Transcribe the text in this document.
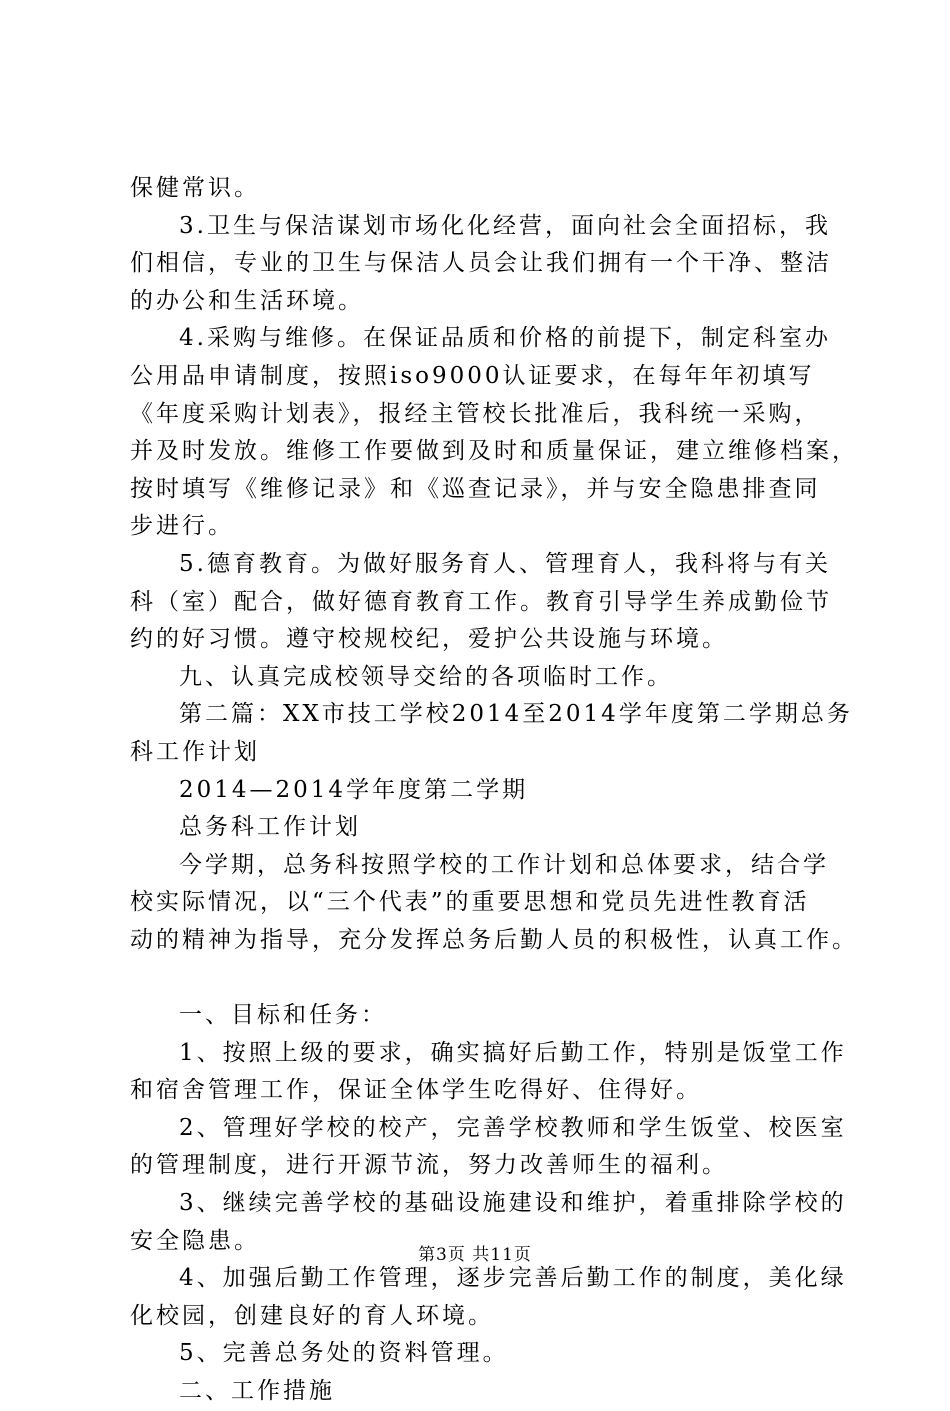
保健常识。
3.卫生与保洁谋划市场化化经营，面向社会全面招标，我
们相信，专业的卫生与保洁人员会让我们拥有一个干净、整洁
的办公和生活环境。
4.采购与维修。在保证品质和价格的前提下，制定科室办
公用品申请制度，按照iso9000认证要求，在每年年初填写
《年度采购计划表》，报经主管校长批准后，我科统一采购，
并及时发放。维修工作要做到及时和质量保证，建立维修档案，
按时填写《维修记录》和《巡查记录》，并与安全隐患排查同
步进行。
5.德育教育。为做好服务育人、管理育人，我科将与有关
科（室）配合，做好德育教育工作。教育引导学生养成勤俭节
约的好习惯。遵守校规校纪，爱护公共设施与环境。
九、认真完成校领导交给的各项临时工作。
第二篇：XX市技工学校2014至2014学年度第二学期总务
科工作计划
2014—2014学年度第二学期
总务科工作计划
今学期，总务科按照学校的工作计划和总体要求，结合学
校实际情况，以“三个代表”的重要思想和党员先进性教育活
动的精神为指导，充分发挥总务后勤人员的积极性，认真工作。
一、目标和任务：
1、按照上级的要求，确实搞好后勤工作，特别是饭堂工作
和宿舍管理工作，保证全体学生吃得好、住得好。
2、管理好学校的校产，完善学校教师和学生饭堂、校医室
的管理制度，进行开源节流，努力改善师生的福利。
3、继续完善学校的基础设施建设和维护，着重排除学校的
安全隐患。
4、加强后勤工作管理，逐步完善后勤工作的制度，美化绿
化校园，创建良好的育人环境。
5、完善总务处的资料管理。
二、工作措施
第3页 共11页
